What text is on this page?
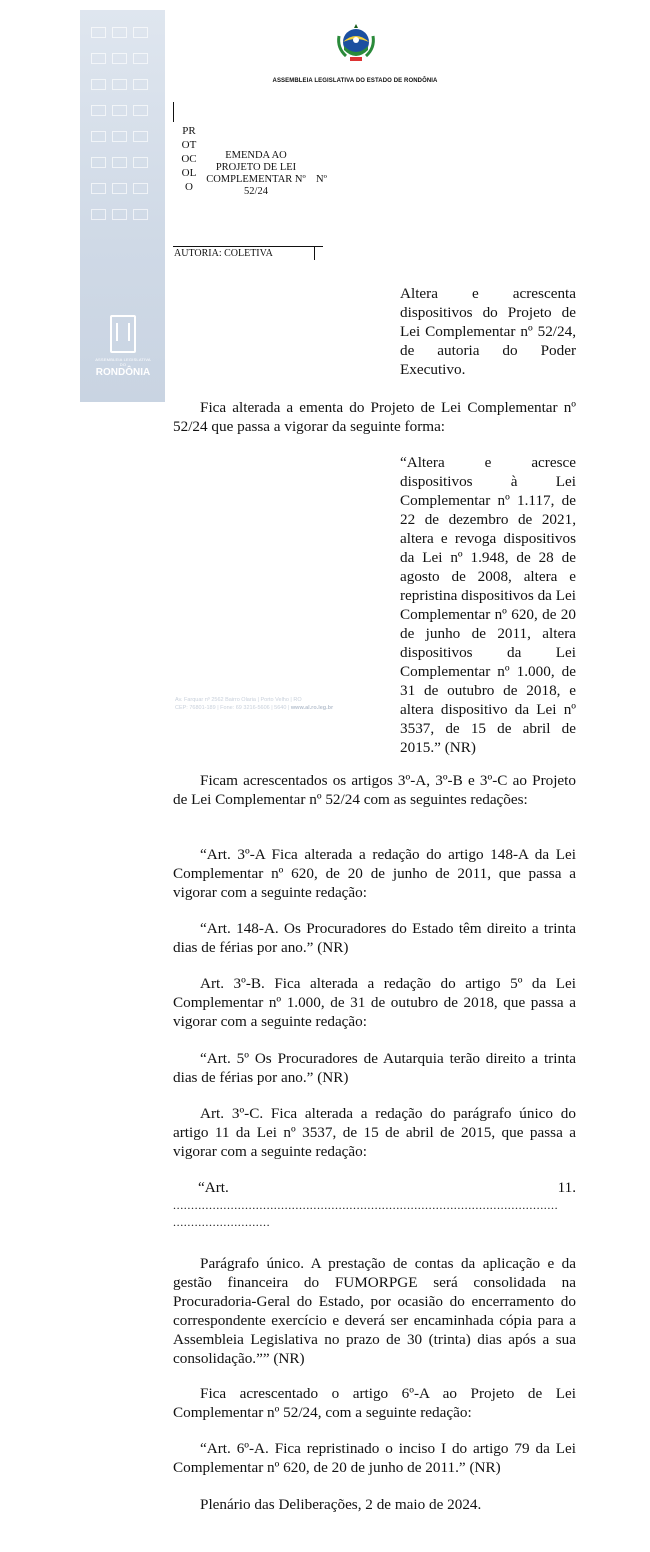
ASSEMBLEIA LEGISLATIVA DO
RONDÔNIA
ASSEMBLEIA LEGISLATIVA DO ESTADO DE RONDÔNIA
PR
OT
OC
OL
O
EMENDA AO PROJETO DE LEI COMPLEMENTAR Nº 52/24
Nº
AUTORIA: COLETIVA

Altera e acrescenta dispositivos do Projeto de Lei Complementar nº 52/24, de autoria do Poder Executivo.

Fica alterada a ementa do Projeto de Lei Complementar nº 52/24 que passa a vigorar da seguinte forma:

“Altera e acresce dispositivos à Lei Complementar nº 1.117, de 22 de dezembro de 2021, altera e revoga dispositivos da Lei nº 1.948, de 28 de agosto de 2008, altera e repristina dispositivos da Lei Complementar nº 620, de 20 de junho de 2011, altera dispositivos da Lei Complementar nº 1.000, de 31 de outubro de 2018, e altera dispositivo da Lei nº 3537, de 15 de abril de 2015.” (NR)

Av. Farquar nº 2562 Bairro Olaria | Porto Velho | RO
CEP: 76801-189 | Fone: 69 3216-5606 | 5640 | www.al.ro.leg.br

Ficam acrescentados os artigos 3º-A, 3º-B e 3º-C ao Projeto de Lei Complementar nº 52/24 com as seguintes redações:

“Art. 3º-A Fica alterada a redação do artigo 148-A da Lei Complementar nº 620, de 20 de junho de 2011, que passa a vigorar com a seguinte redação:

“Art. 148-A. Os Procuradores do Estado têm direito a trinta dias de férias por ano.” (NR)

Art. 3º-B. Fica alterada a redação do artigo 5º da Lei Complementar nº 1.000, de 31 de outubro de 2018, que passa a vigorar com a seguinte redação:

“Art. 5º Os Procuradores de Autarquia terão direito a trinta dias de férias por ano.” (NR)

Art. 3º-C. Fica alterada a redação do parágrafo único do artigo 11 da Lei nº 3537, de 15 de abril de 2015, que passa a vigorar com a seguinte redação:

“Art.	11.
...........................................................................................................
...........................

Parágrafo único. A prestação de contas da aplicação e da gestão financeira do FUMORPGE será consolidada na Procuradoria-Geral do Estado, por ocasião do encerramento do correspondente exercício e deverá ser encaminhada cópia para a Assembleia Legislativa no prazo de 30 (trinta) dias após a sua consolidação.”” (NR)

Fica acrescentado o artigo 6º-A ao Projeto de Lei Complementar nº 52/24, com a seguinte redação:

“Art. 6º-A. Fica repristinado o inciso I do artigo 79 da Lei Complementar nº 620, de 20 de junho de 2011.” (NR)

Plenário das Deliberações, 2 de maio de 2024.
